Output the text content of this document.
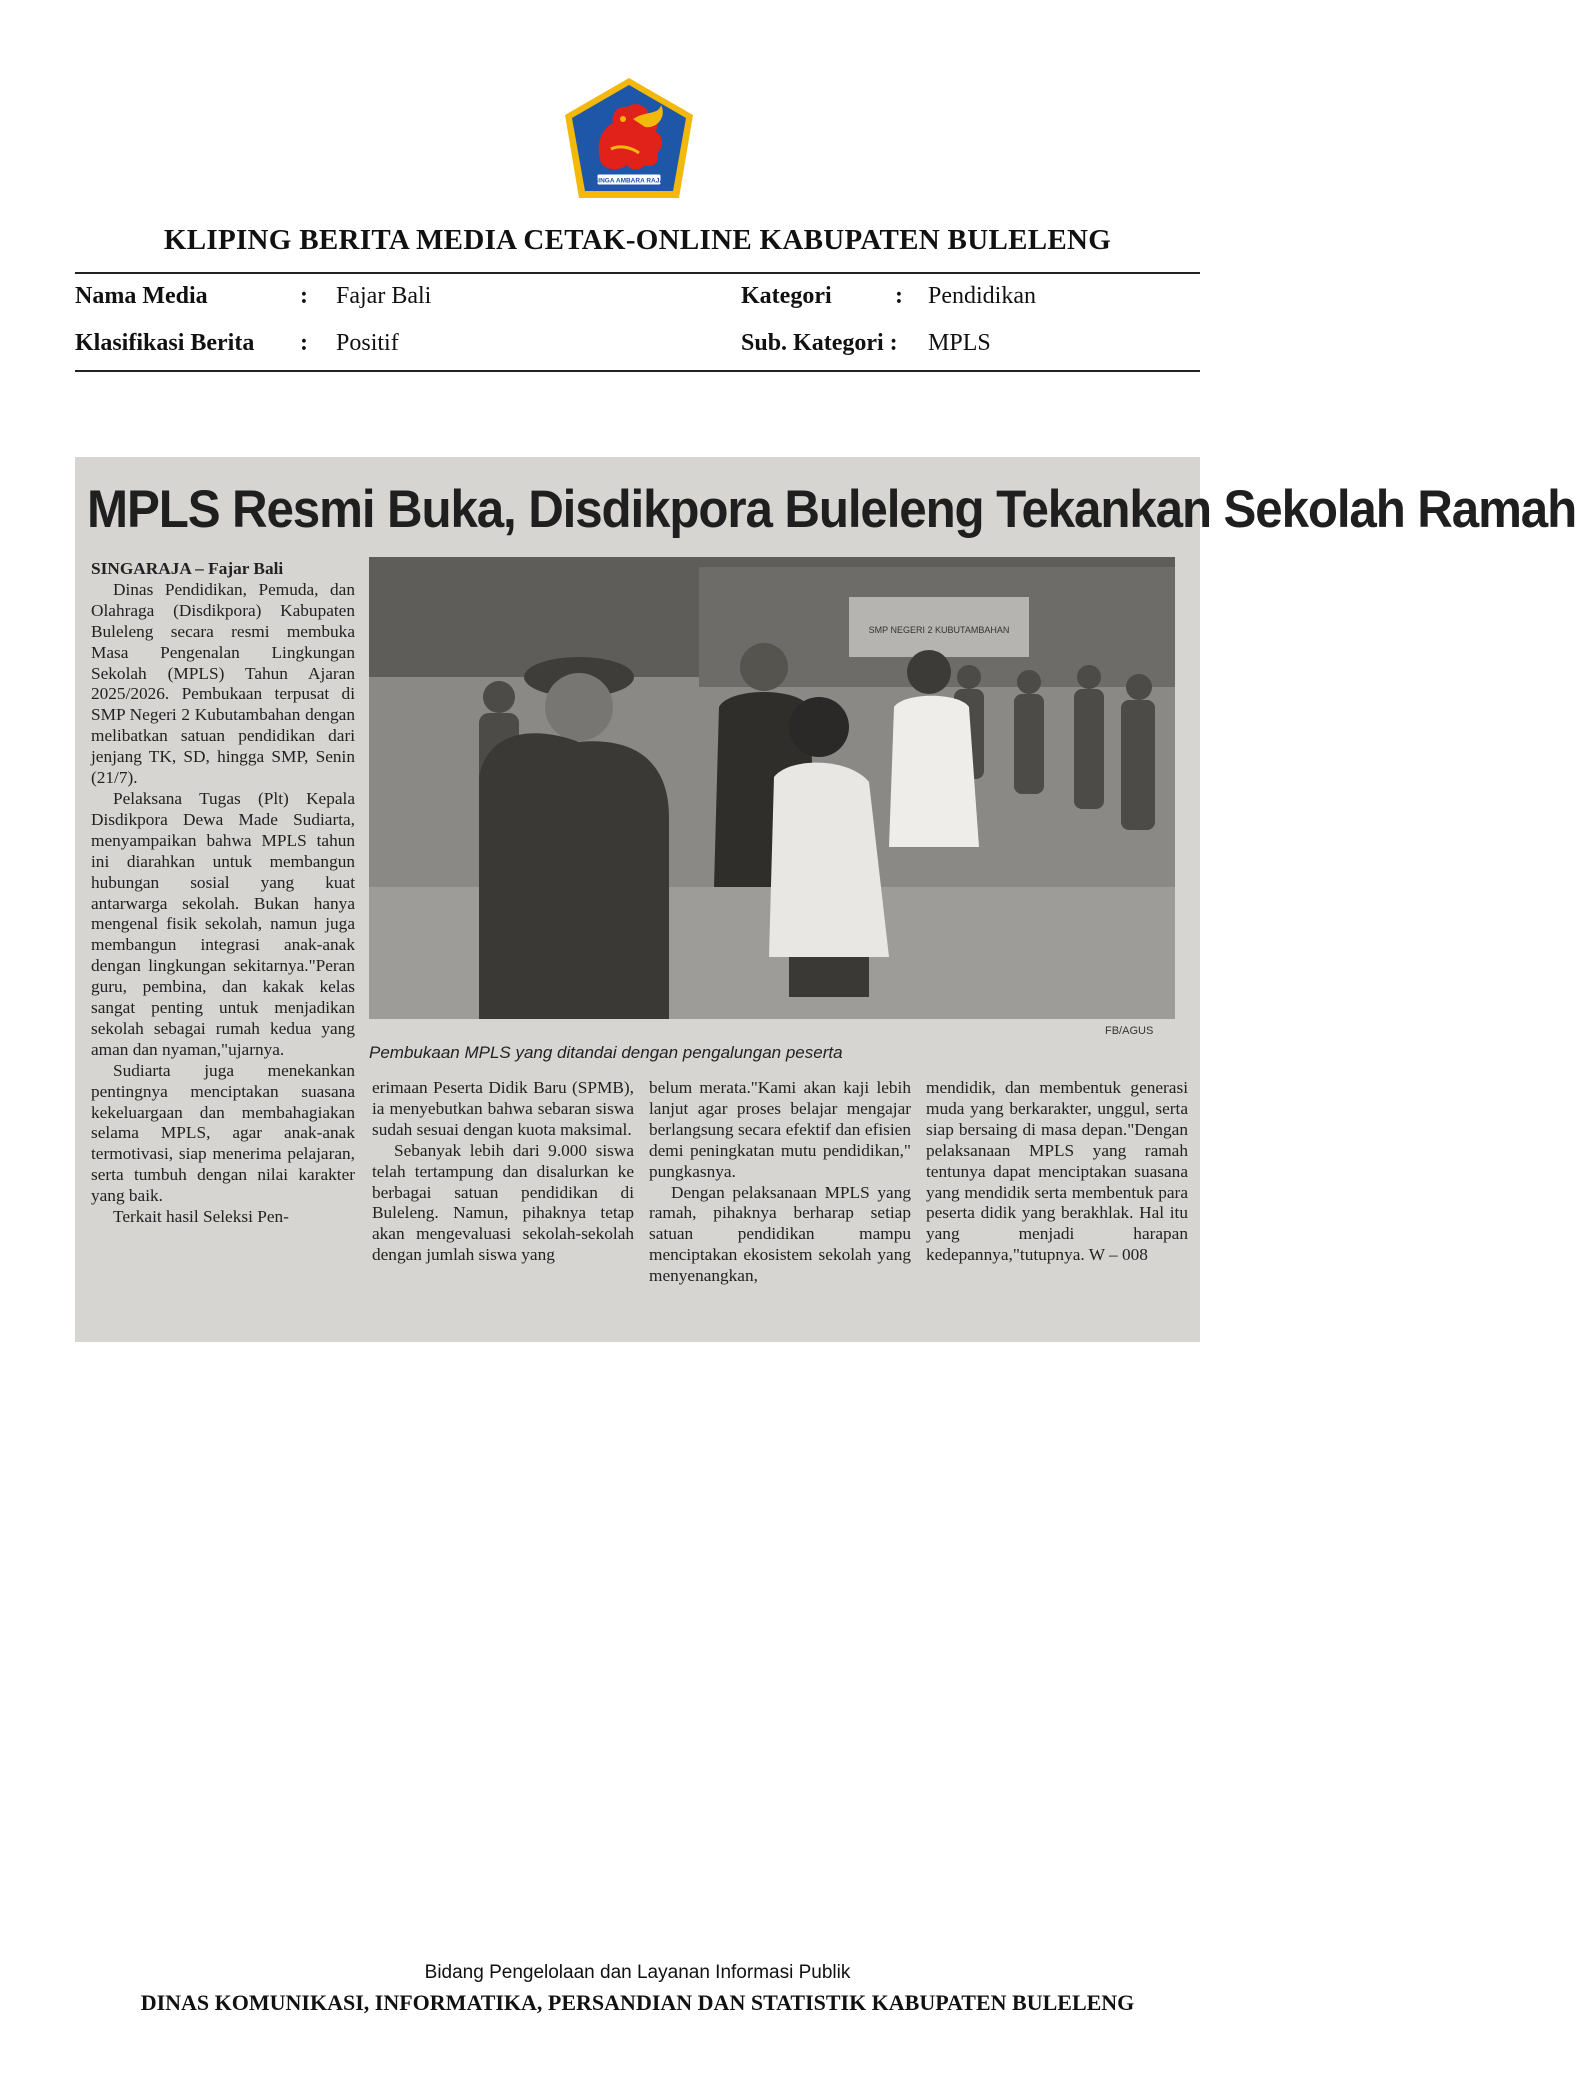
SINGA AMBARA RAJA
KLIPING BERITA MEDIA CETAK-ONLINE KABUPATEN BULELENG
Nama Media	: Fajar Bali	Kategori	: Pendidikan
Klasifikasi Berita : Positif	Sub. Kategori : MPLS
MPLS Resmi Buka, Disdikpora Buleleng Tekankan Sekolah Ramah

SINGARAJA – Fajar Bali

Dinas Pendidikan, Pemuda, dan Olahraga (Disdikpora) Kabupaten Buleleng secara resmi membuka Masa Pengenalan Lingkungan Sekolah (MPLS) Tahun Ajaran 2025/2026. Pembukaan terpusat di SMP Negeri 2 Kubutambahan dengan melibatkan satuan pendidikan dari jenjang TK, SD, hingga SMP, Senin (21/7).

Pelaksana Tugas (Plt) Kepala Disdikpora Dewa Made Sudiarta, menyampaikan bahwa MPLS tahun ini diarahkan untuk membangun hubungan sosial yang kuat antarwarga sekolah. Bukan hanya mengenal fisik sekolah, namun juga membangun integrasi anak-anak dengan lingkungan sekitarnya."Peran guru, pembina, dan kakak kelas sangat penting untuk menjadikan sekolah sebagai rumah kedua yang aman dan nyaman,"ujarnya.

Sudiarta juga menekankan pentingnya menciptakan suasana kekeluargaan dan membahagiakan selama MPLS, agar anak-anak termotivasi, siap menerima pelajaran, serta tumbuh dengan nilai karakter yang baik.

Terkait hasil Seleksi Pen-

SMP NEGERI 2 KUBUTAMBAHAN
FB/AGUS
Pembukaan MPLS yang ditandai dengan pengalungan peserta

erimaan Peserta Didik Baru (SPMB), ia menyebutkan bahwa sebaran siswa sudah sesuai dengan kuota maksimal.

Sebanyak lebih dari 9.000 siswa telah tertampung dan disalurkan ke berbagai satuan pendidikan di Buleleng. Namun, pihaknya tetap akan mengevaluasi sekolah-sekolah dengan jumlah siswa yang

belum merata."Kami akan kaji lebih lanjut agar proses belajar mengajar berlangsung secara efektif dan efisien demi peningkatan mutu pendidikan," pungkasnya.

Dengan pelaksanaan MPLS yang ramah, pihaknya berharap setiap satuan pendidikan mampu menciptakan ekosistem sekolah yang menyenangkan,

mendidik, dan membentuk generasi muda yang berkarakter, unggul, serta siap bersaing di masa depan."Dengan pelaksanaan MPLS yang ramah tentunya dapat menciptakan suasana yang mendidik serta membentuk para peserta didik yang berakhlak. Hal itu yang menjadi harapan kedepannya,"tutupnya. W – 008

Bidang Pengelolaan dan Layanan Informasi Publik
DINAS KOMUNIKASI, INFORMATIKA, PERSANDIAN DAN STATISTIK KABUPATEN BULELENG
